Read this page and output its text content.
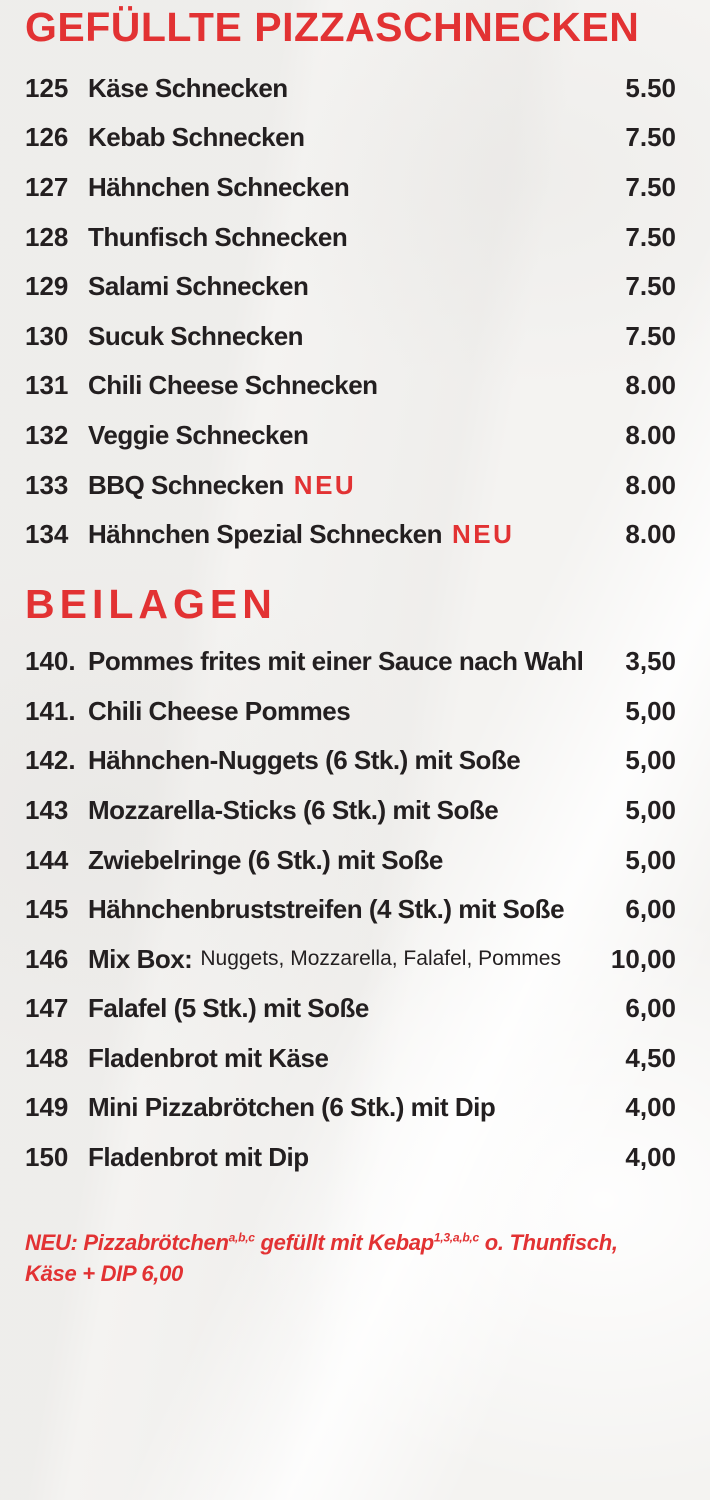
GEFÜLLTE PIZZASCHNECKEN
125 Käse Schnecken	5.50
126 Kebab Schnecken	7.50
127 Hähnchen Schnecken	7.50
128 Thunfisch Schnecken	7.50
129 Salami Schnecken	7.50
130 Sucuk Schnecken	7.50
131 Chili Cheese Schnecken	8.00
132 Veggie Schnecken	8.00
133 BBQ Schnecken NEU	8.00
134 Hähnchen Spezial Schnecken NEU	8.00
BEILAGEN
140. Pommes frites mit einer Sauce nach Wahl	3,50
141. Chili Cheese Pommes	5,00
142. Hähnchen-Nuggets (6 Stk.) mit Soße	5,00
143 Mozzarella-Sticks (6 Stk.) mit Soße	5,00
144 Zwiebelringe (6 Stk.) mit Soße	5,00
145 Hähnchenbruststreifen (4 Stk.) mit Soße	6,00
146 Mix Box: Nuggets, Mozzarella, Falafel, Pommes	10,00
147 Falafel (5 Stk.) mit Soße	6,00
148 Fladenbrot mit Käse	4,50
149 Mini Pizzabrötchen (6 Stk.) mit Dip	4,00
150 Fladenbrot mit Dip	4,00
NEU: Pizzabrötchen$^{a,b,c}$ gefüllt mit Kebap$^{1,3,a,b,c}$ o. Thunfisch,
Käse + DIP 6,00
